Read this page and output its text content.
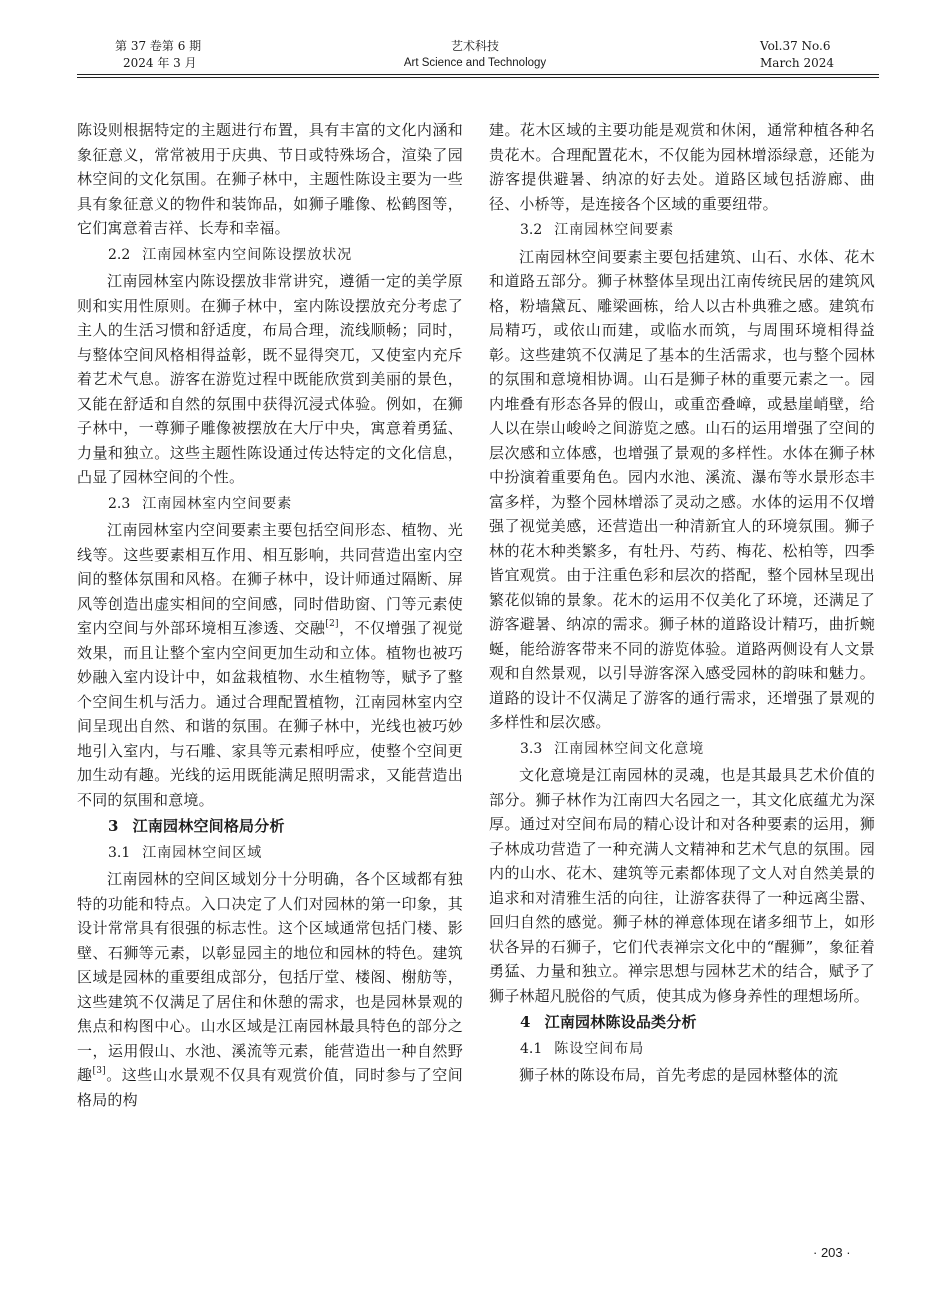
第 37 卷第 6 期
2024 年 3 月
艺术科技
Art Science and Technology
Vol.37 No.6
March 2024

陈设则根据特定的主题进行布置，具有丰富的文化内涵和象征意义，常常被用于庆典、节日或特殊场合，渲染了园林空间的文化氛围。在狮子林中，主题性陈设主要为一些具有象征意义的物件和装饰品，如狮子雕像、松鹤图等，它们寓意着吉祥、长寿和幸福。

2.2 江南园林室内空间陈设摆放状况

江南园林室内陈设摆放非常讲究，遵循一定的美学原则和实用性原则。在狮子林中，室内陈设摆放充分考虑了主人的生活习惯和舒适度，布局合理，流线顺畅；同时，与整体空间风格相得益彰，既不显得突兀，又使室内充斥着艺术气息。游客在游览过程中既能欣赏到美丽的景色，又能在舒适和自然的氛围中获得沉浸式体验。例如，在狮子林中，一尊狮子雕像被摆放在大厅中央，寓意着勇猛、力量和独立。这些主题性陈设通过传达特定的文化信息，凸显了园林空间的个性。

2.3 江南园林室内空间要素

江南园林室内空间要素主要包括空间形态、植物、光线等。这些要素相互作用、相互影响，共同营造出室内空间的整体氛围和风格。在狮子林中，设计师通过隔断、屏风等创造出虚实相间的空间感，同时借助窗、门等元素使室内空间与外部环境相互渗透、交融[2]，不仅增强了视觉效果，而且让整个室内空间更加生动和立体。植物也被巧妙融入室内设计中，如盆栽植物、水生植物等，赋予了整个空间生机与活力。通过合理配置植物，江南园林室内空间呈现出自然、和谐的氛围。在狮子林中，光线也被巧妙地引入室内，与石雕、家具等元素相呼应，使整个空间更加生动有趣。光线的运用既能满足照明需求，又能营造出不同的氛围和意境。

3 江南园林空间格局分析
3.1 江南园林空间区域

江南园林的空间区域划分十分明确，各个区域都有独特的功能和特点。入口决定了人们对园林的第一印象，其设计常常具有很强的标志性。这个区域通常包括门楼、影壁、石狮等元素，以彰显园主的地位和园林的特色。建筑区域是园林的重要组成部分，包括厅堂、楼阁、榭舫等，这些建筑不仅满足了居住和休憩的需求，也是园林景观的焦点和构图中心。山水区域是江南园林最具特色的部分之一，运用假山、水池、溪流等元素，能营造出一种自然野趣[3]。这些山水景观不仅具有观赏价值，同时参与了空间格局的构

建。花木区域的主要功能是观赏和休闲，通常种植各种名贵花木。合理配置花木，不仅能为园林增添绿意，还能为游客提供避暑、纳凉的好去处。道路区域包括游廊、曲径、小桥等，是连接各个区域的重要纽带。

3.2 江南园林空间要素

江南园林空间要素主要包括建筑、山石、水体、花木和道路五部分。狮子林整体呈现出江南传统民居的建筑风格，粉墙黛瓦、雕梁画栋，给人以古朴典雅之感。建筑布局精巧，或依山而建，或临水而筑，与周围环境相得益彰。这些建筑不仅满足了基本的生活需求，也与整个园林的氛围和意境相协调。山石是狮子林的重要元素之一。园内堆叠有形态各异的假山，或重峦叠嶂，或悬崖峭壁，给人以在崇山峻岭之间游览之感。山石的运用增强了空间的层次感和立体感，也增强了景观的多样性。水体在狮子林中扮演着重要角色。园内水池、溪流、瀑布等水景形态丰富多样，为整个园林增添了灵动之感。水体的运用不仅增强了视觉美感，还营造出一种清新宜人的环境氛围。狮子林的花木种类繁多，有牡丹、芍药、梅花、松柏等，四季皆宜观赏。由于注重色彩和层次的搭配，整个园林呈现出繁花似锦的景象。花木的运用不仅美化了环境，还满足了游客避暑、纳凉的需求。狮子林的道路设计精巧，曲折蜿蜒，能给游客带来不同的游览体验。道路两侧设有人文景观和自然景观，以引导游客深入感受园林的韵味和魅力。道路的设计不仅满足了游客的通行需求，还增强了景观的多样性和层次感。

3.3 江南园林空间文化意境

文化意境是江南园林的灵魂，也是其最具艺术价值的部分。狮子林作为江南四大名园之一，其文化底蕴尤为深厚。通过对空间布局的精心设计和对各种要素的运用，狮子林成功营造了一种充满人文精神和艺术气息的氛围。园内的山水、花木、建筑等元素都体现了文人对自然美景的追求和对清雅生活的向往，让游客获得了一种远离尘嚣、回归自然的感觉。狮子林的禅意体现在诸多细节上，如形状各异的石狮子，它们代表禅宗文化中的“醒狮”，象征着勇猛、力量和独立。禅宗思想与园林艺术的结合，赋予了狮子林超凡脱俗的气质，使其成为修身养性的理想场所。

4 江南园林陈设品类分析
4.1 陈设空间布局

狮子林的陈设布局，首先考虑的是园林整体的流

· 203 ·
